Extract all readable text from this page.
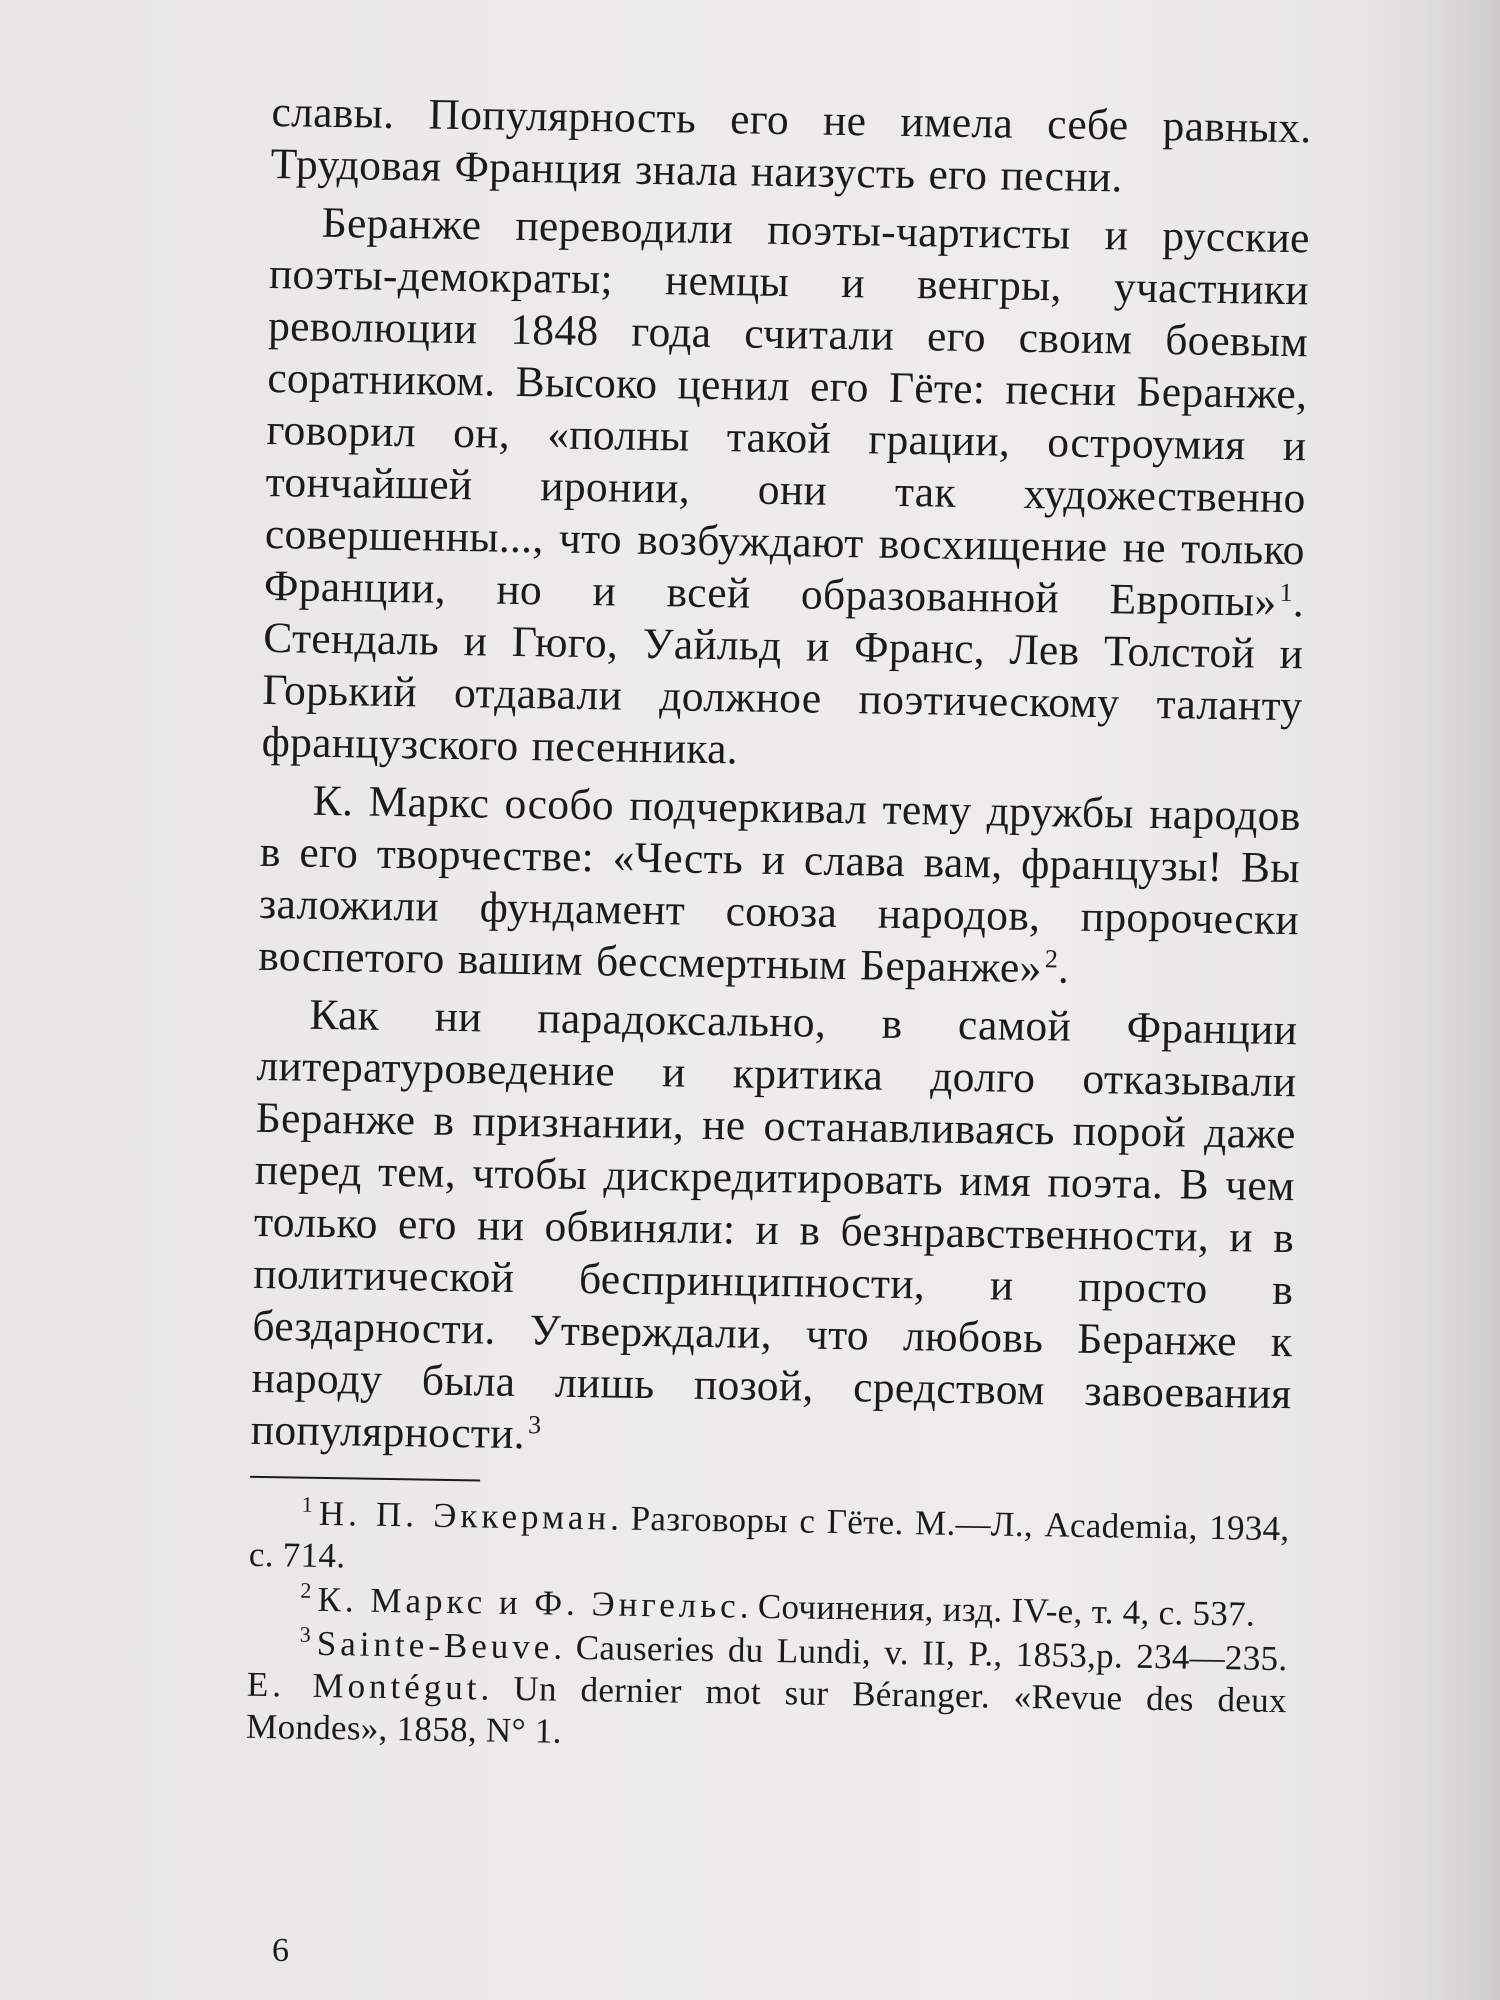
славы. Популярность его не имела себе равных. Трудовая Франция знала наизусть его песни.

Беранже переводили поэты-чартисты и русские поэты-демократы; немцы и венгры, участники революции 1848 года считали его своим боевым соратником. Высоко ценил его Гёте: песни Беранже, говорил он, «полны такой грации, остроумия и тончайшей иронии, они так художественно совершенны..., что возбуждают восхищение не только Франции, но и всей образованной Европы»$^1$. Стендаль и Гюго, Уайльд и Франс, Лев Толстой и Горький отдавали должное поэтическому таланту французского песенника.

К. Маркс особо подчеркивал тему дружбы народов в его творчестве: «Честь и слава вам, французы! Вы заложили фундамент союза народов, пророчески воспетого вашим бессмертным Беранже»$^2$.

Как ни парадоксально, в самой Франции литературоведение и критика долго отказывали Беранже в признании, не останавливаясь порой даже перед тем, чтобы дискредитировать имя поэта. В чем только его ни обвиняли: и в безнравственности, и в политической беспринципности, и просто в бездарности. Утверждали, что любовь Беранже к народу была лишь позой, средством завоевания популярности.$^3$

$^1$ Н. П. Эккерман. Разговоры с Гёте. М.—Л., Academia, 1934, с. 714.

$^2$ К. Маркс и Ф. Энгельс. Сочинения, изд. IV-е, т. 4, с. 537.

$^3$ Sainte-Beuve. Causeries du Lundi, v. II, P., 1853,p. 234—235. E. Montégut. Un dernier mot sur Béranger. «Revue des deux Mondes», 1858, N° 1.

6
